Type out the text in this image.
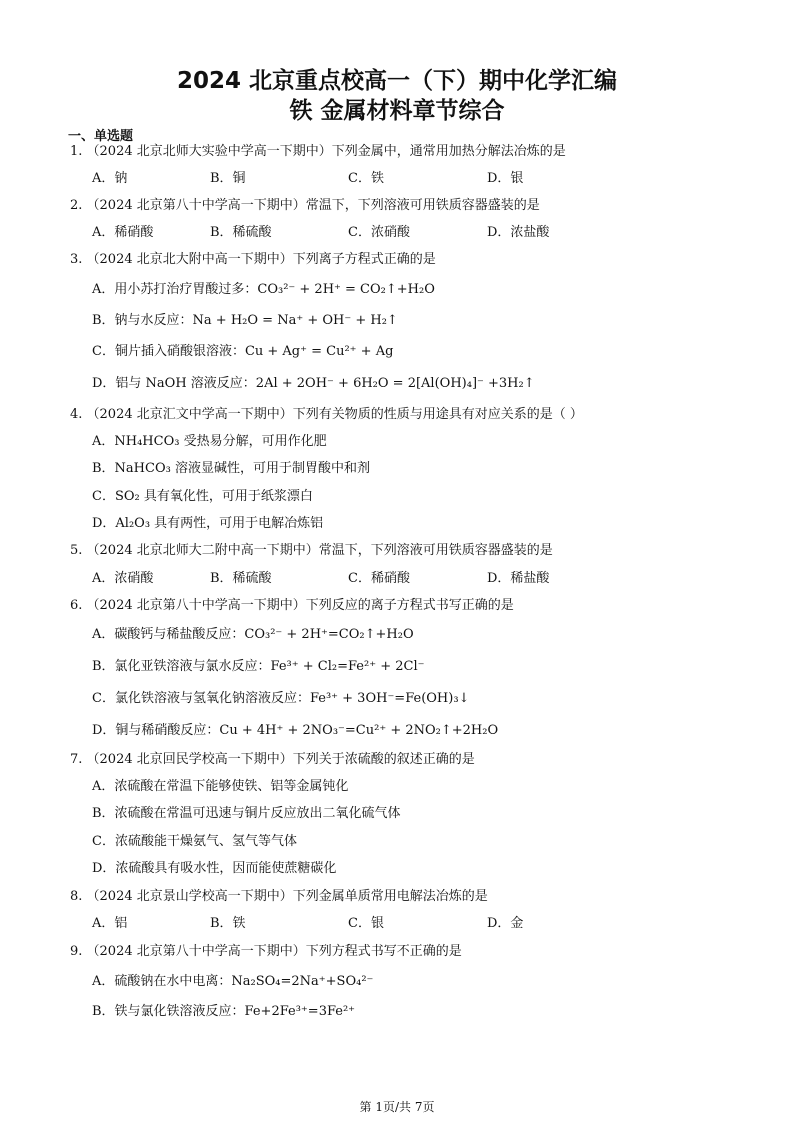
2024 北京重点校高一（下）期中化学汇编
铁 金属材料章节综合
一、单选题
1. （2024 北京北师大实验中学高一下期中）下列金属中，通常用加热分解法冶炼的是
A．钠	B．铜	C．铁	D．银
2. （2024 北京第八十中学高一下期中）常温下，下列溶液可用铁质容器盛装的是
A．稀硝酸	B．稀硫酸	C．浓硝酸	D．浓盐酸
3. （2024 北京北大附中高一下期中）下列离子方程式正确的是
A．用小苏打治疗胃酸过多：CO₃²⁻ + 2H⁺ = CO₂↑+H₂O
B．钠与水反应：Na + H₂O = Na⁺ + OH⁻ + H₂↑
C．铜片插入硝酸银溶液：Cu + Ag⁺ = Cu²⁺ + Ag
D．铝与 NaOH 溶液反应：2Al + 2OH⁻ + 6H₂O = 2[Al(OH)₄]⁻ +3H₂↑
4. （2024 北京汇文中学高一下期中）下列有关物质的性质与用途具有对应关系的是（ ）
A．NH₄HCO₃ 受热易分解，可用作化肥
B．NaHCO₃ 溶液显碱性，可用于制胃酸中和剂
C．SO₂ 具有氧化性，可用于纸浆漂白
D．Al₂O₃ 具有两性，可用于电解冶炼铝
5. （2024 北京北师大二附中高一下期中）常温下，下列溶液可用铁质容器盛装的是
A．浓硝酸	B．稀硫酸	C．稀硝酸	D．稀盐酸
6. （2024 北京第八十中学高一下期中）下列反应的离子方程式书写正确的是
A．碳酸钙与稀盐酸反应：CO₃²⁻ + 2H⁺=CO₂↑+H₂O
B．氯化亚铁溶液与氯水反应：Fe³⁺ + Cl₂=Fe²⁺ + 2Cl⁻
C．氯化铁溶液与氢氧化钠溶液反应：Fe³⁺ + 3OH⁻=Fe(OH)₃↓
D．铜与稀硝酸反应：Cu + 4H⁺ + 2NO₃⁻=Cu²⁺ + 2NO₂↑+2H₂O
7. （2024 北京回民学校高一下期中）下列关于浓硫酸的叙述正确的是
A．浓硫酸在常温下能够使铁、铝等金属钝化
B．浓硫酸在常温可迅速与铜片反应放出二氧化硫气体
C．浓硫酸能干燥氨气、氢气等气体
D．浓硫酸具有吸水性，因而能使蔗糖碳化
8. （2024 北京景山学校高一下期中）下列金属单质常用电解法冶炼的是
A．铝	B．铁	C．银	D．金
9. （2024 北京第八十中学高一下期中）下列方程式书写不正确的是
A．硫酸钠在水中电离：Na₂SO₄=2Na⁺+SO₄²⁻
B．铁与氯化铁溶液反应：Fe+2Fe³⁺=3Fe²⁺
第 1页/共 7页
